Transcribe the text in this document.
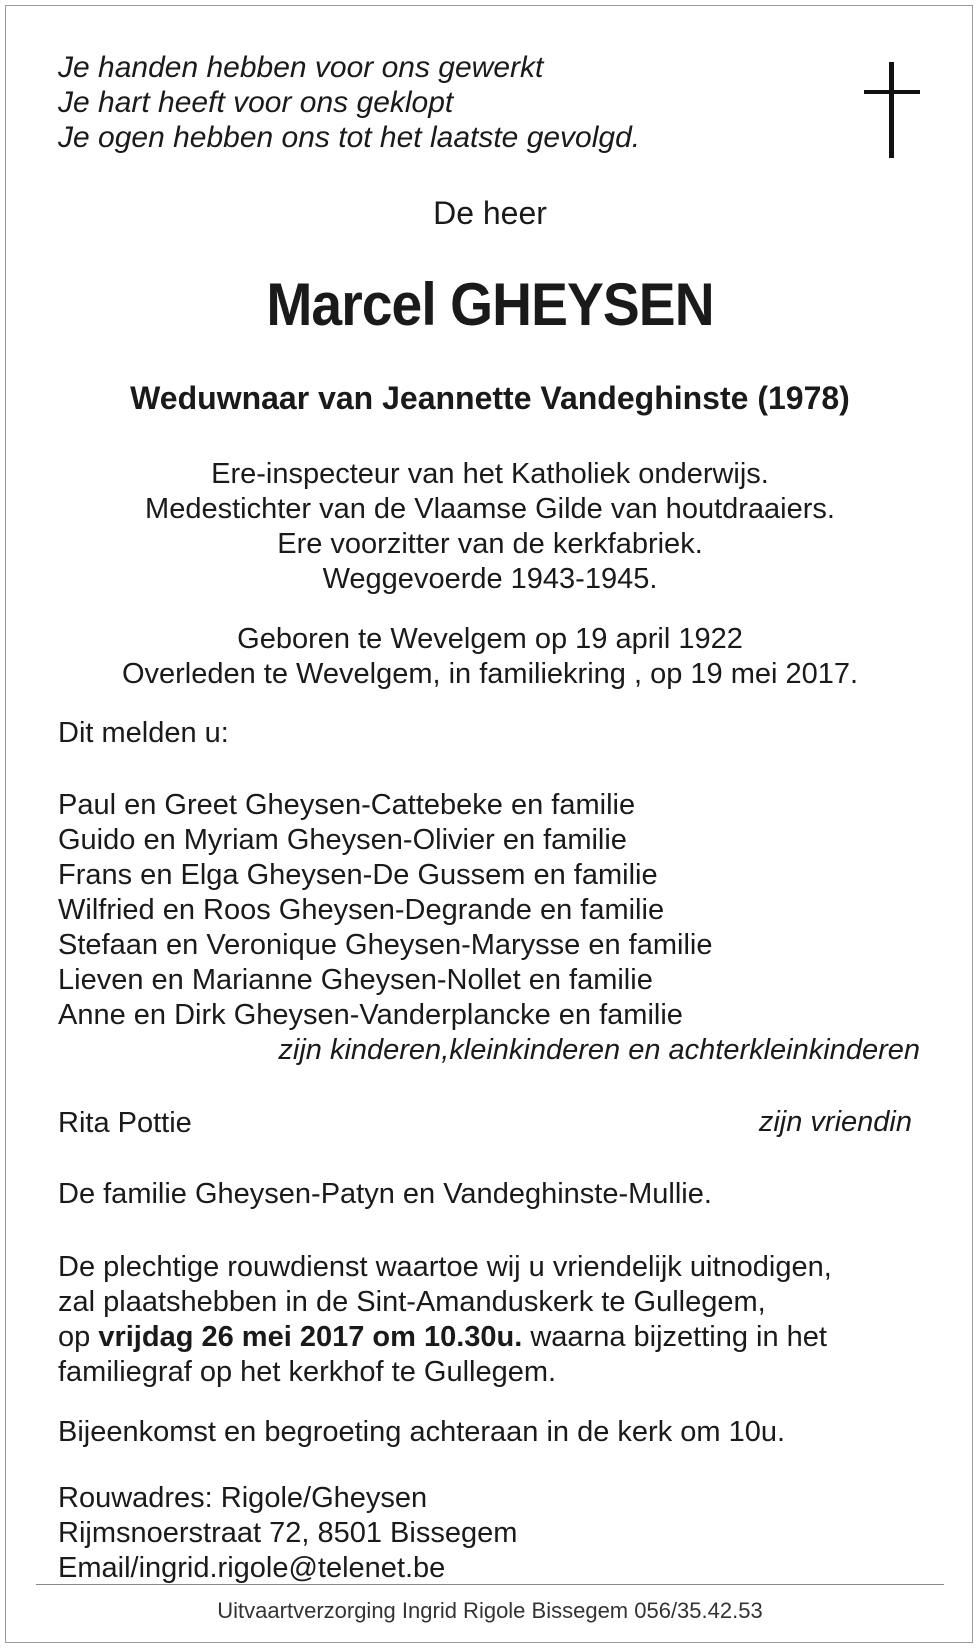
Je handen hebben voor ons gewerkt
Je hart heeft voor ons geklopt
Je ogen hebben ons tot het laatste gevolgd.
De heer
Marcel GHEYSEN
Weduwnaar van Jeannette Vandeghinste (1978)
Ere-inspecteur van het Katholiek onderwijs.
Medestichter van de Vlaamse Gilde van houtdraaiers.
Ere voorzitter van de kerkfabriek.
Weggevoerde 1943-1945.
Geboren te Wevelgem op 19 april 1922
Overleden te Wevelgem, in familiekring , op 19 mei 2017.
Dit melden u:
Paul en Greet Gheysen-Cattebeke en familie
Guido en Myriam Gheysen-Olivier en familie
Frans en Elga Gheysen-De Gussem en familie
Wilfried en Roos Gheysen-Degrande en familie
Stefaan en Veronique Gheysen-Marysse en familie
Lieven en Marianne Gheysen-Nollet en familie
Anne en Dirk Gheysen-Vanderplancke en familie
zijn kinderen,kleinkinderen en achterkleinkinderen
Rita Pottie	zijn vriendin
De familie Gheysen-Patyn en Vandeghinste-Mullie.
De plechtige rouwdienst waartoe wij u vriendelijk uitnodigen,
zal plaatshebben in de Sint-Amanduskerk te Gullegem,
op vrijdag 26 mei 2017 om 10.30u. waarna bijzetting in het
familiegraf op het kerkhof te Gullegem.
Bijeenkomst en begroeting achteraan in de kerk om 10u.
Rouwadres: Rigole/Gheysen
Rijmsnoerstraat 72, 8501 Bissegem
Email/ingrid.rigole@telenet.be
Uitvaartverzorging Ingrid Rigole Bissegem 056/35.42.53
